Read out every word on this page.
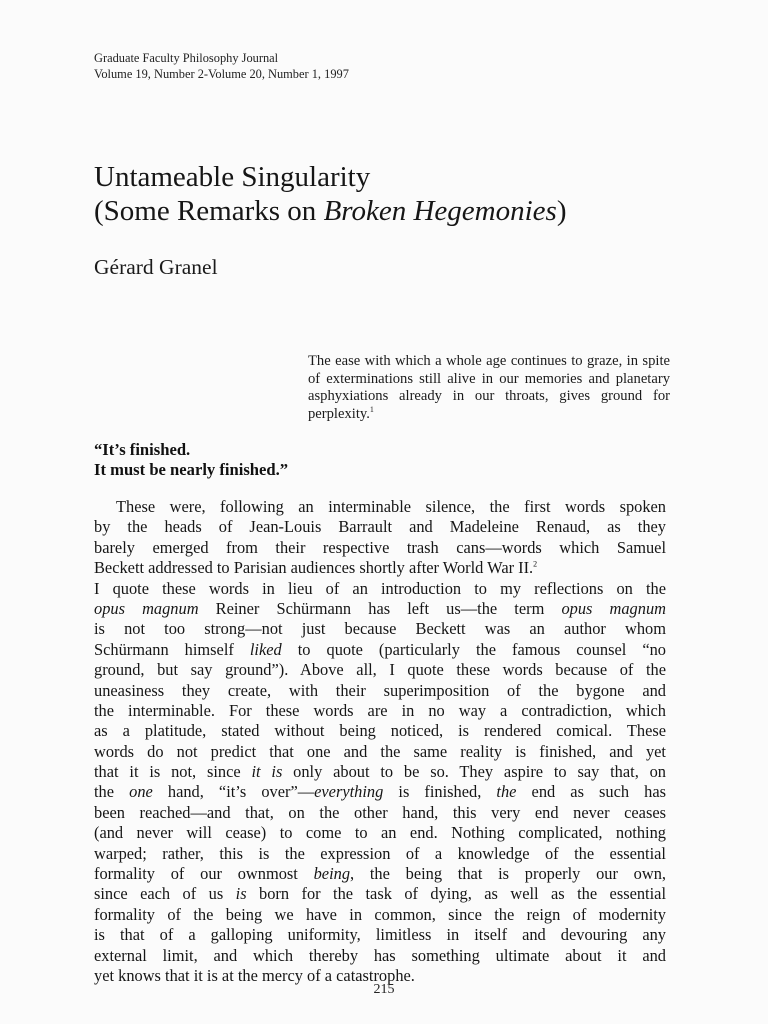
Graduate Faculty Philosophy Journal
Volume 19, Number 2-Volume 20, Number 1, 1997
Untameable Singularity
(Some Remarks on Broken Hegemonies)
Gérard Granel
The ease with which a whole age continues to graze, in spite of exterminations still alive in our memories and planetary asphyxiations already in our throats, gives ground for perplexity.$^1$
“It’s finished.
It must be nearly finished.”
These were, following an interminable silence, the first words spoken
by the heads of Jean-Louis Barrault and Madeleine Renaud, as they
barely emerged from their respective trash cans—words which Samuel
Beckett addressed to Parisian audiences shortly after World War II.$^2$
I quote these words in lieu of an introduction to my reflections on the
opus magnum Reiner Schürmann has left us—the term opus magnum
is not too strong—not just because Beckett was an author whom
Schürmann himself liked to quote (particularly the famous counsel “no
ground, but say ground”). Above all, I quote these words because of the
uneasiness they create, with their superimposition of the bygone and
the interminable. For these words are in no way a contradiction, which
as a platitude, stated without being noticed, is rendered comical. These
words do not predict that one and the same reality is finished, and yet
that it is not, since it is only about to be so. They aspire to say that, on
the one hand, “it’s over”—everything is finished, the end as such has
been reached—and that, on the other hand, this very end never ceases
(and never will cease) to come to an end. Nothing complicated, nothing
warped; rather, this is the expression of a knowledge of the essential
formality of our ownmost being, the being that is properly our own,
since each of us is born for the task of dying, as well as the essential
formality of the being we have in common, since the reign of modernity
is that of a galloping uniformity, limitless in itself and devouring any
external limit, and which thereby has something ultimate about it and
yet knows that it is at the mercy of a catastrophe.
215
